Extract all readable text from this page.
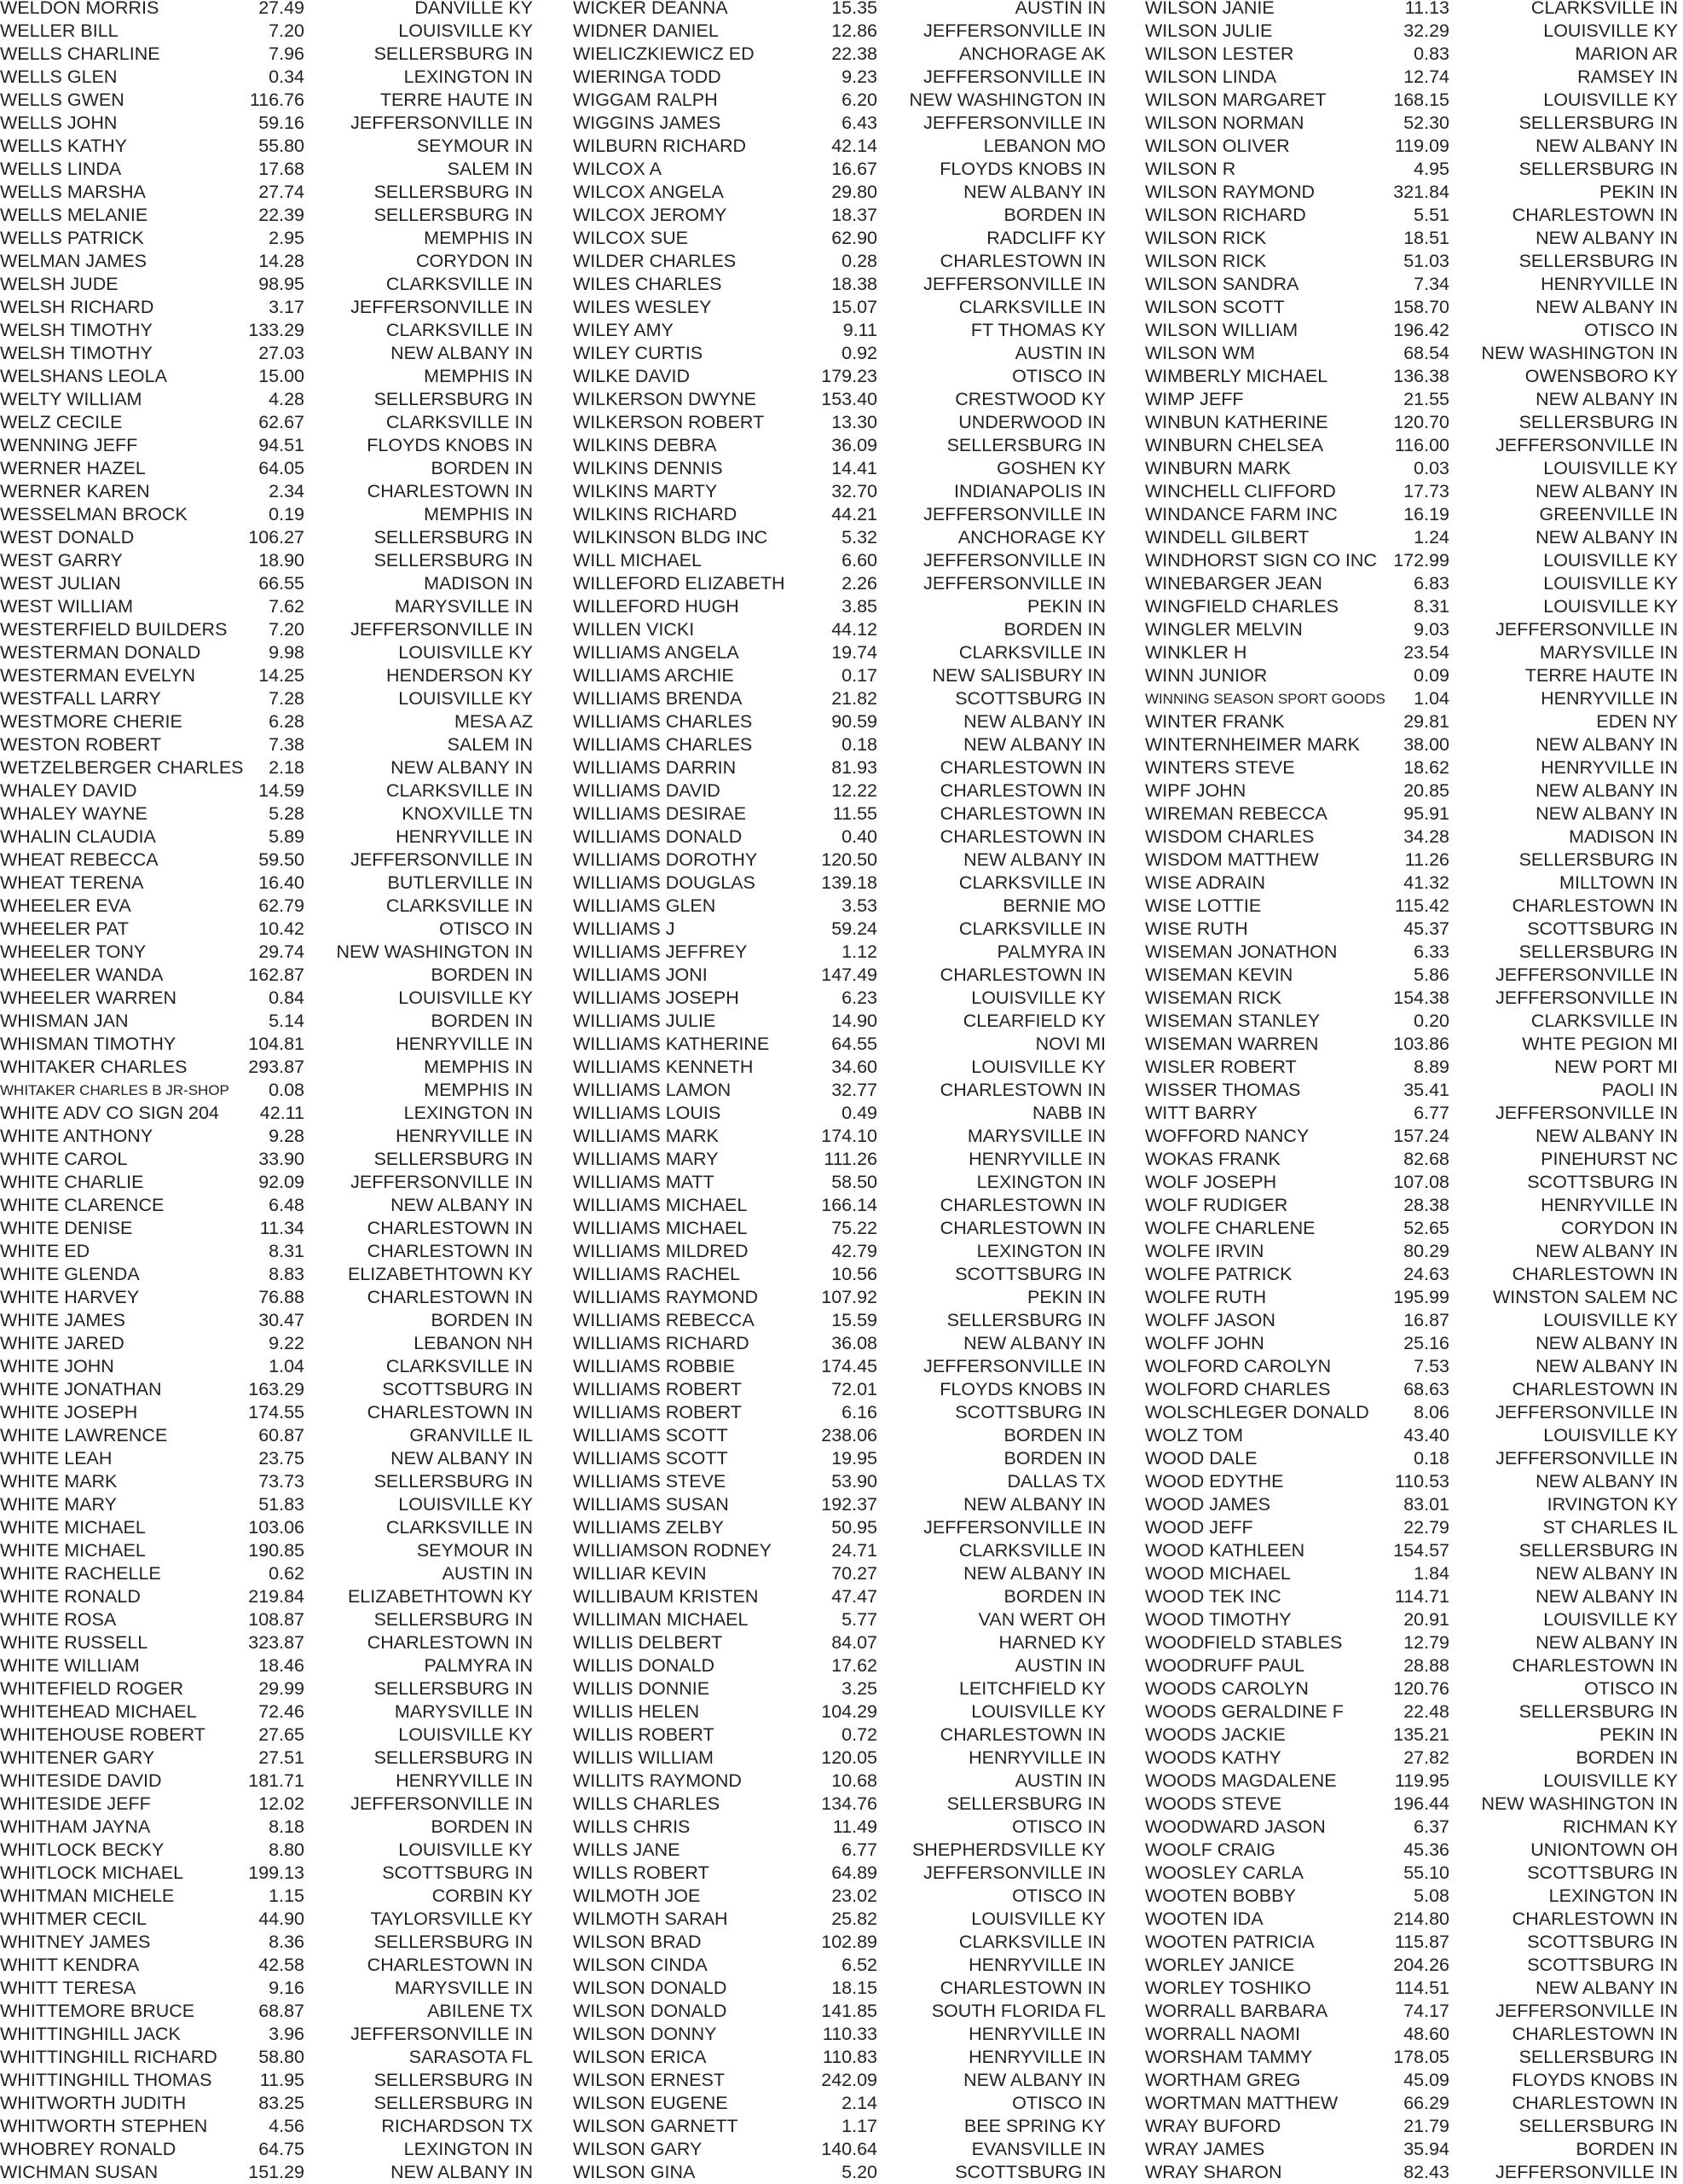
WELDON MORRIS	27.49	DANVILLE KY
WELLER BILL	7.20	LOUISVILLE KY
WELLS CHARLINE	7.96	SELLERSBURG IN
WELLS GLEN	0.34	LEXINGTON IN
WELLS GWEN	116.76	TERRE HAUTE IN
WELLS JOHN	59.16	JEFFERSONVILLE IN
WELLS KATHY	55.80	SEYMOUR IN
WELLS LINDA	17.68	SALEM IN
WELLS MARSHA	27.74	SELLERSBURG IN
WELLS MELANIE	22.39	SELLERSBURG IN
WELLS PATRICK	2.95	MEMPHIS IN
WELMAN JAMES	14.28	CORYDON IN
WELSH JUDE	98.95	CLARKSVILLE IN
WELSH RICHARD	3.17	JEFFERSONVILLE IN
WELSH TIMOTHY	133.29	CLARKSVILLE IN
WELSH TIMOTHY	27.03	NEW ALBANY IN
WELSHANS LEOLA	15.00	MEMPHIS IN
WELTY WILLIAM	4.28	SELLERSBURG IN
WELZ CECILE	62.67	CLARKSVILLE IN
WENNING JEFF	94.51	FLOYDS KNOBS IN
WERNER HAZEL	64.05	BORDEN IN
WERNER KAREN	2.34	CHARLESTOWN IN
WESSELMAN BROCK	0.19	MEMPHIS IN
WEST DONALD	106.27	SELLERSBURG IN
WEST GARRY	18.90	SELLERSBURG IN
WEST JULIAN	66.55	MADISON IN
WEST WILLIAM	7.62	MARYSVILLE IN
WESTERFIELD BUILDERS	7.20	JEFFERSONVILLE IN
WESTERMAN DONALD	9.98	LOUISVILLE KY
WESTERMAN EVELYN	14.25	HENDERSON KY
WESTFALL LARRY	7.28	LOUISVILLE KY
WESTMORE CHERIE	6.28	MESA AZ
WESTON ROBERT	7.38	SALEM IN
WETZELBERGER CHARLES	2.18	NEW ALBANY IN
WHALEY DAVID	14.59	CLARKSVILLE IN
WHALEY WAYNE	5.28	KNOXVILLE TN
WHALIN CLAUDIA	5.89	HENRYVILLE IN
WHEAT REBECCA	59.50	JEFFERSONVILLE IN
WHEAT TERENA	16.40	BUTLERVILLE IN
WHEELER EVA	62.79	CLARKSVILLE IN
WHEELER PAT	10.42	OTISCO IN
WHEELER TONY	29.74	NEW WASHINGTON IN
WHEELER WANDA	162.87	BORDEN IN
WHEELER WARREN	0.84	LOUISVILLE KY
WHISMAN JAN	5.14	BORDEN IN
WHISMAN TIMOTHY	104.81	HENRYVILLE IN
WHITAKER CHARLES	293.87	MEMPHIS IN
WHITAKER CHARLES B JR-SHOP	0.08	MEMPHIS IN
WHITE ADV CO SIGN 204	42.11	LEXINGTON IN
WHITE ANTHONY	9.28	HENRYVILLE IN
WHITE CAROL	33.90	SELLERSBURG IN
WHITE CHARLIE	92.09	JEFFERSONVILLE IN
WHITE CLARENCE	6.48	NEW ALBANY IN
WHITE DENISE	11.34	CHARLESTOWN IN
WHITE ED	8.31	CHARLESTOWN IN
WHITE GLENDA	8.83	ELIZABETHTOWN KY
WHITE HARVEY	76.88	CHARLESTOWN IN
WHITE JAMES	30.47	BORDEN IN
WHITE JARED	9.22	LEBANON NH
WHITE JOHN	1.04	CLARKSVILLE IN
WHITE JONATHAN	163.29	SCOTTSBURG IN
WHITE JOSEPH	174.55	CHARLESTOWN IN
WHITE LAWRENCE	60.87	GRANVILLE IL
WHITE LEAH	23.75	NEW ALBANY IN
WHITE MARK	73.73	SELLERSBURG IN
WHITE MARY	51.83	LOUISVILLE KY
WHITE MICHAEL	103.06	CLARKSVILLE IN
WHITE MICHAEL	190.85	SEYMOUR IN
WHITE RACHELLE	0.62	AUSTIN IN
WHITE RONALD	219.84	ELIZABETHTOWN KY
WHITE ROSA	108.87	SELLERSBURG IN
WHITE RUSSELL	323.87	CHARLESTOWN IN
WHITE WILLIAM	18.46	PALMYRA IN
WHITEFIELD ROGER	29.99	SELLERSBURG IN
WHITEHEAD MICHAEL	72.46	MARYSVILLE IN
WHITEHOUSE ROBERT	27.65	LOUISVILLE KY
WHITENER GARY	27.51	SELLERSBURG IN
WHITESIDE DAVID	181.71	HENRYVILLE IN
WHITESIDE JEFF	12.02	JEFFERSONVILLE IN
WHITHAM JAYNA	8.18	BORDEN IN
WHITLOCK BECKY	8.80	LOUISVILLE KY
WHITLOCK MICHAEL	199.13	SCOTTSBURG IN
WHITMAN MICHELE	1.15	CORBIN KY
WHITMER CECIL	44.90	TAYLORSVILLE KY
WHITNEY JAMES	8.36	SELLERSBURG IN
WHITT KENDRA	42.58	CHARLESTOWN IN
WHITT TERESA	9.16	MARYSVILLE IN
WHITTEMORE BRUCE	68.87	ABILENE TX
WHITTINGHILL JACK	3.96	JEFFERSONVILLE IN
WHITTINGHILL RICHARD	58.80	SARASOTA FL
WHITTINGHILL THOMAS	11.95	SELLERSBURG IN
WHITWORTH JUDITH	83.25	SELLERSBURG IN
WHITWORTH STEPHEN	4.56	RICHARDSON TX
WHOBREY RONALD	64.75	LEXINGTON IN
WICHMAN SUSAN	151.29	NEW ALBANY IN
WICKER DEANNA	15.35	AUSTIN IN
WIDNER DANIEL	12.86	JEFFERSONVILLE IN
WIELICZKIEWICZ ED	22.38	ANCHORAGE AK
WIERINGA TODD	9.23	JEFFERSONVILLE IN
WIGGAM RALPH	6.20	NEW WASHINGTON IN
WIGGINS JAMES	6.43	JEFFERSONVILLE IN
WILBURN RICHARD	42.14	LEBANON MO
WILCOX A	16.67	FLOYDS KNOBS IN
WILCOX ANGELA	29.80	NEW ALBANY IN
WILCOX JEROMY	18.37	BORDEN IN
WILCOX SUE	62.90	RADCLIFF KY
WILDER CHARLES	0.28	CHARLESTOWN IN
WILES CHARLES	18.38	JEFFERSONVILLE IN
WILES WESLEY	15.07	CLARKSVILLE IN
WILEY AMY	9.11	FT THOMAS KY
WILEY CURTIS	0.92	AUSTIN IN
WILKE DAVID	179.23	OTISCO IN
WILKERSON DWYNE	153.40	CRESTWOOD KY
WILKERSON ROBERT	13.30	UNDERWOOD IN
WILKINS DEBRA	36.09	SELLERSBURG IN
WILKINS DENNIS	14.41	GOSHEN KY
WILKINS MARTY	32.70	INDIANAPOLIS IN
WILKINS RICHARD	44.21	JEFFERSONVILLE IN
WILKINSON BLDG INC	5.32	ANCHORAGE KY
WILL MICHAEL	6.60	JEFFERSONVILLE IN
WILLEFORD ELIZABETH	2.26	JEFFERSONVILLE IN
WILLEFORD HUGH	3.85	PEKIN IN
WILLEN VICKI	44.12	BORDEN IN
WILLIAMS ANGELA	19.74	CLARKSVILLE IN
WILLIAMS ARCHIE	0.17	NEW SALISBURY IN
WILLIAMS BRENDA	21.82	SCOTTSBURG IN
WILLIAMS CHARLES	90.59	NEW ALBANY IN
WILLIAMS CHARLES	0.18	NEW ALBANY IN
WILLIAMS DARRIN	81.93	CHARLESTOWN IN
WILLIAMS DAVID	12.22	CHARLESTOWN IN
WILLIAMS DESIRAE	11.55	CHARLESTOWN IN
WILLIAMS DONALD	0.40	CHARLESTOWN IN
WILLIAMS DOROTHY	120.50	NEW ALBANY IN
WILLIAMS DOUGLAS	139.18	CLARKSVILLE IN
WILLIAMS GLEN	3.53	BERNIE MO
WILLIAMS J	59.24	CLARKSVILLE IN
WILLIAMS JEFFREY	1.12	PALMYRA IN
WILLIAMS JONI	147.49	CHARLESTOWN IN
WILLIAMS JOSEPH	6.23	LOUISVILLE KY
WILLIAMS JULIE	14.90	CLEARFIELD KY
WILLIAMS KATHERINE	64.55	NOVI MI
WILLIAMS KENNETH	34.60	LOUISVILLE KY
WILLIAMS LAMON	32.77	CHARLESTOWN IN
WILLIAMS LOUIS	0.49	NABB IN
WILLIAMS MARK	174.10	MARYSVILLE IN
WILLIAMS MARY	111.26	HENRYVILLE IN
WILLIAMS MATT	58.50	LEXINGTON IN
WILLIAMS MICHAEL	166.14	CHARLESTOWN IN
WILLIAMS MICHAEL	75.22	CHARLESTOWN IN
WILLIAMS MILDRED	42.79	LEXINGTON IN
WILLIAMS RACHEL	10.56	SCOTTSBURG IN
WILLIAMS RAYMOND	107.92	PEKIN IN
WILLIAMS REBECCA	15.59	SELLERSBURG IN
WILLIAMS RICHARD	36.08	NEW ALBANY IN
WILLIAMS ROBBIE	174.45	JEFFERSONVILLE IN
WILLIAMS ROBERT	72.01	FLOYDS KNOBS IN
WILLIAMS ROBERT	6.16	SCOTTSBURG IN
WILLIAMS SCOTT	238.06	BORDEN IN
WILLIAMS SCOTT	19.95	BORDEN IN
WILLIAMS STEVE	53.90	DALLAS TX
WILLIAMS SUSAN	192.37	NEW ALBANY IN
WILLIAMS ZELBY	50.95	JEFFERSONVILLE IN
WILLIAMSON RODNEY	24.71	CLARKSVILLE IN
WILLIAR KEVIN	70.27	NEW ALBANY IN
WILLIBAUM KRISTEN	47.47	BORDEN IN
WILLIMAN MICHAEL	5.77	VAN WERT OH
WILLIS DELBERT	84.07	HARNED KY
WILLIS DONALD	17.62	AUSTIN IN
WILLIS DONNIE	3.25	LEITCHFIELD KY
WILLIS HELEN	104.29	LOUISVILLE KY
WILLIS ROBERT	0.72	CHARLESTOWN IN
WILLIS WILLIAM	120.05	HENRYVILLE IN
WILLITS RAYMOND	10.68	AUSTIN IN
WILLS CHARLES	134.76	SELLERSBURG IN
WILLS CHRIS	11.49	OTISCO IN
WILLS JANE	6.77	SHEPHERDSVILLE KY
WILLS ROBERT	64.89	JEFFERSONVILLE IN
WILMOTH JOE	23.02	OTISCO IN
WILMOTH SARAH	25.82	LOUISVILLE KY
WILSON BRAD	102.89	CLARKSVILLE IN
WILSON CINDA	6.52	HENRYVILLE IN
WILSON DONALD	18.15	CHARLESTOWN IN
WILSON DONALD	141.85	SOUTH FLORIDA FL
WILSON DONNY	110.33	HENRYVILLE IN
WILSON ERICA	110.83	HENRYVILLE IN
WILSON ERNEST	242.09	NEW ALBANY IN
WILSON EUGENE	2.14	OTISCO IN
WILSON GARNETT	1.17	BEE SPRING KY
WILSON GARY	140.64	EVANSVILLE IN
WILSON GINA	5.20	SCOTTSBURG IN
WILSON JANIE	11.13	CLARKSVILLE IN
WILSON JULIE	32.29	LOUISVILLE KY
WILSON LESTER	0.83	MARION AR
WILSON LINDA	12.74	RAMSEY IN
WILSON MARGARET	168.15	LOUISVILLE KY
WILSON NORMAN	52.30	SELLERSBURG IN
WILSON OLIVER	119.09	NEW ALBANY IN
WILSON R	4.95	SELLERSBURG IN
WILSON RAYMOND	321.84	PEKIN IN
WILSON RICHARD	5.51	CHARLESTOWN IN
WILSON RICK	18.51	NEW ALBANY IN
WILSON RICK	51.03	SELLERSBURG IN
WILSON SANDRA	7.34	HENRYVILLE IN
WILSON SCOTT	158.70	NEW ALBANY IN
WILSON WILLIAM	196.42	OTISCO IN
WILSON WM	68.54	NEW WASHINGTON IN
WIMBERLY MICHAEL	136.38	OWENSBORO KY
WIMP JEFF	21.55	NEW ALBANY IN
WINBUN KATHERINE	120.70	SELLERSBURG IN
WINBURN CHELSEA	116.00	JEFFERSONVILLE IN
WINBURN MARK	0.03	LOUISVILLE KY
WINCHELL CLIFFORD	17.73	NEW ALBANY IN
WINDANCE FARM INC	16.19	GREENVILLE IN
WINDELL GILBERT	1.24	NEW ALBANY IN
WINDHORST SIGN CO INC 172.99	LOUISVILLE KY
WINEBARGER JEAN	6.83	LOUISVILLE KY
WINGFIELD CHARLES	8.31	LOUISVILLE KY
WINGLER MELVIN	9.03	JEFFERSONVILLE IN
WINKLER H	23.54	MARYSVILLE IN
WINN JUNIOR	0.09	TERRE HAUTE IN
WINNING SEASON SPORT GOODS	1.04	HENRYVILLE IN
WINTER FRANK	29.81	EDEN NY
WINTERNHEIMER MARK	38.00	NEW ALBANY IN
WINTERS STEVE	18.62	HENRYVILLE IN
WIPF JOHN	20.85	NEW ALBANY IN
WIREMAN REBECCA	95.91	NEW ALBANY IN
WISDOM CHARLES	34.28	MADISON IN
WISDOM MATTHEW	11.26	SELLERSBURG IN
WISE ADRAIN	41.32	MILLTOWN IN
WISE LOTTIE	115.42	CHARLESTOWN IN
WISE RUTH	45.37	SCOTTSBURG IN
WISEMAN JONATHON	6.33	SELLERSBURG IN
WISEMAN KEVIN	5.86	JEFFERSONVILLE IN
WISEMAN RICK	154.38	JEFFERSONVILLE IN
WISEMAN STANLEY	0.20	CLARKSVILLE IN
WISEMAN WARREN	103.86	WHTE PEGION MI
WISLER ROBERT	8.89	NEW PORT MI
WISSER THOMAS	35.41	PAOLI IN
WITT BARRY	6.77	JEFFERSONVILLE IN
WOFFORD NANCY	157.24	NEW ALBANY IN
WOKAS FRANK	82.68	PINEHURST NC
WOLF JOSEPH	107.08	SCOTTSBURG IN
WOLF RUDIGER	28.38	HENRYVILLE IN
WOLFE CHARLENE	52.65	CORYDON IN
WOLFE IRVIN	80.29	NEW ALBANY IN
WOLFE PATRICK	24.63	CHARLESTOWN IN
WOLFE RUTH	195.99	WINSTON SALEM NC
WOLFF JASON	16.87	LOUISVILLE KY
WOLFF JOHN	25.16	NEW ALBANY IN
WOLFORD CAROLYN	7.53	NEW ALBANY IN
WOLFORD CHARLES	68.63	CHARLESTOWN IN
WOLSCHLEGER DONALD	8.06	JEFFERSONVILLE IN
WOLZ TOM	43.40	LOUISVILLE KY
WOOD DALE	0.18	JEFFERSONVILLE IN
WOOD EDYTHE	110.53	NEW ALBANY IN
WOOD JAMES	83.01	IRVINGTON KY
WOOD JEFF	22.79	ST CHARLES IL
WOOD KATHLEEN	154.57	SELLERSBURG IN
WOOD MICHAEL	1.84	NEW ALBANY IN
WOOD TEK INC	114.71	NEW ALBANY IN
WOOD TIMOTHY	20.91	LOUISVILLE KY
WOODFIELD STABLES	12.79	NEW ALBANY IN
WOODRUFF PAUL	28.88	CHARLESTOWN IN
WOODS CAROLYN	120.76	OTISCO IN
WOODS GERALDINE F	22.48	SELLERSBURG IN
WOODS JACKIE	135.21	PEKIN IN
WOODS KATHY	27.82	BORDEN IN
WOODS MAGDALENE	119.95	LOUISVILLE KY
WOODS STEVE	196.44	NEW WASHINGTON IN
WOODWARD JASON	6.37	RICHMAN KY
WOOLF CRAIG	45.36	UNIONTOWN OH
WOOSLEY CARLA	55.10	SCOTTSBURG IN
WOOTEN BOBBY	5.08	LEXINGTON IN
WOOTEN IDA	214.80	CHARLESTOWN IN
WOOTEN PATRICIA	115.87	SCOTTSBURG IN
WORLEY JANICE	204.26	SCOTTSBURG IN
WORLEY TOSHIKO	114.51	NEW ALBANY IN
WORRALL BARBARA	74.17	JEFFERSONVILLE IN
WORRALL NAOMI	48.60	CHARLESTOWN IN
WORSHAM TAMMY	178.05	SELLERSBURG IN
WORTHAM GREG	45.09	FLOYDS KNOBS IN
WORTMAN MATTHEW	66.29	CHARLESTOWN IN
WRAY BUFORD	21.79	SELLERSBURG IN
WRAY JAMES	35.94	BORDEN IN
WRAY SHARON	82.43	JEFFERSONVILLE IN
